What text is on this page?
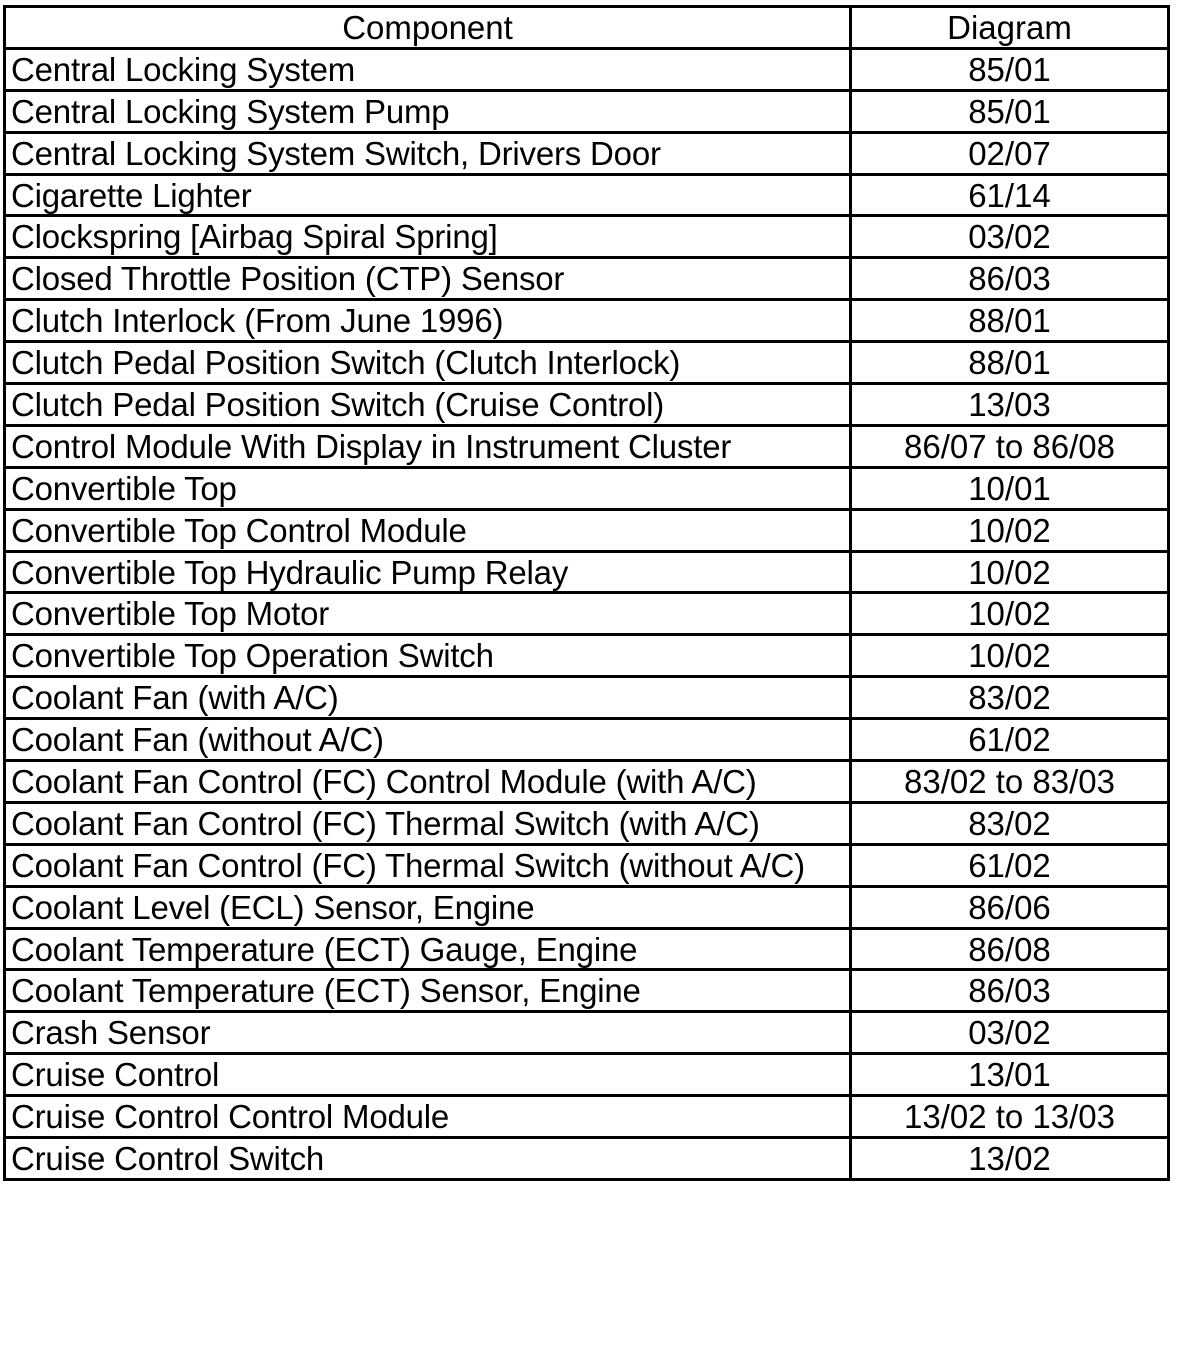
Component	Diagram
Central Locking System	85/01
Central Locking System Pump	85/01
Central Locking System Switch, Drivers Door	02/07
Cigarette Lighter	61/14
Clockspring [Airbag Spiral Spring]	03/02
Closed Throttle Position (CTP) Sensor	86/03
Clutch Interlock (From June 1996)	88/01
Clutch Pedal Position Switch (Clutch Interlock)	88/01
Clutch Pedal Position Switch (Cruise Control)	13/03
Control Module With Display in Instrument Cluster	86/07 to 86/08
Convertible Top	10/01
Convertible Top Control Module	10/02
Convertible Top Hydraulic Pump Relay	10/02
Convertible Top Motor	10/02
Convertible Top Operation Switch	10/02
Coolant Fan (with A/C)	83/02
Coolant Fan (without A/C)	61/02
Coolant Fan Control (FC) Control Module (with A/C)	83/02 to 83/03
Coolant Fan Control (FC) Thermal Switch (with A/C)	83/02
Coolant Fan Control (FC) Thermal Switch (without A/C)	61/02
Coolant Level (ECL) Sensor, Engine	86/06
Coolant Temperature (ECT) Gauge, Engine	86/08
Coolant Temperature (ECT) Sensor, Engine	86/03
Crash Sensor	03/02
Cruise Control	13/01
Cruise Control Control Module	13/02 to 13/03
Cruise Control Switch	13/02
